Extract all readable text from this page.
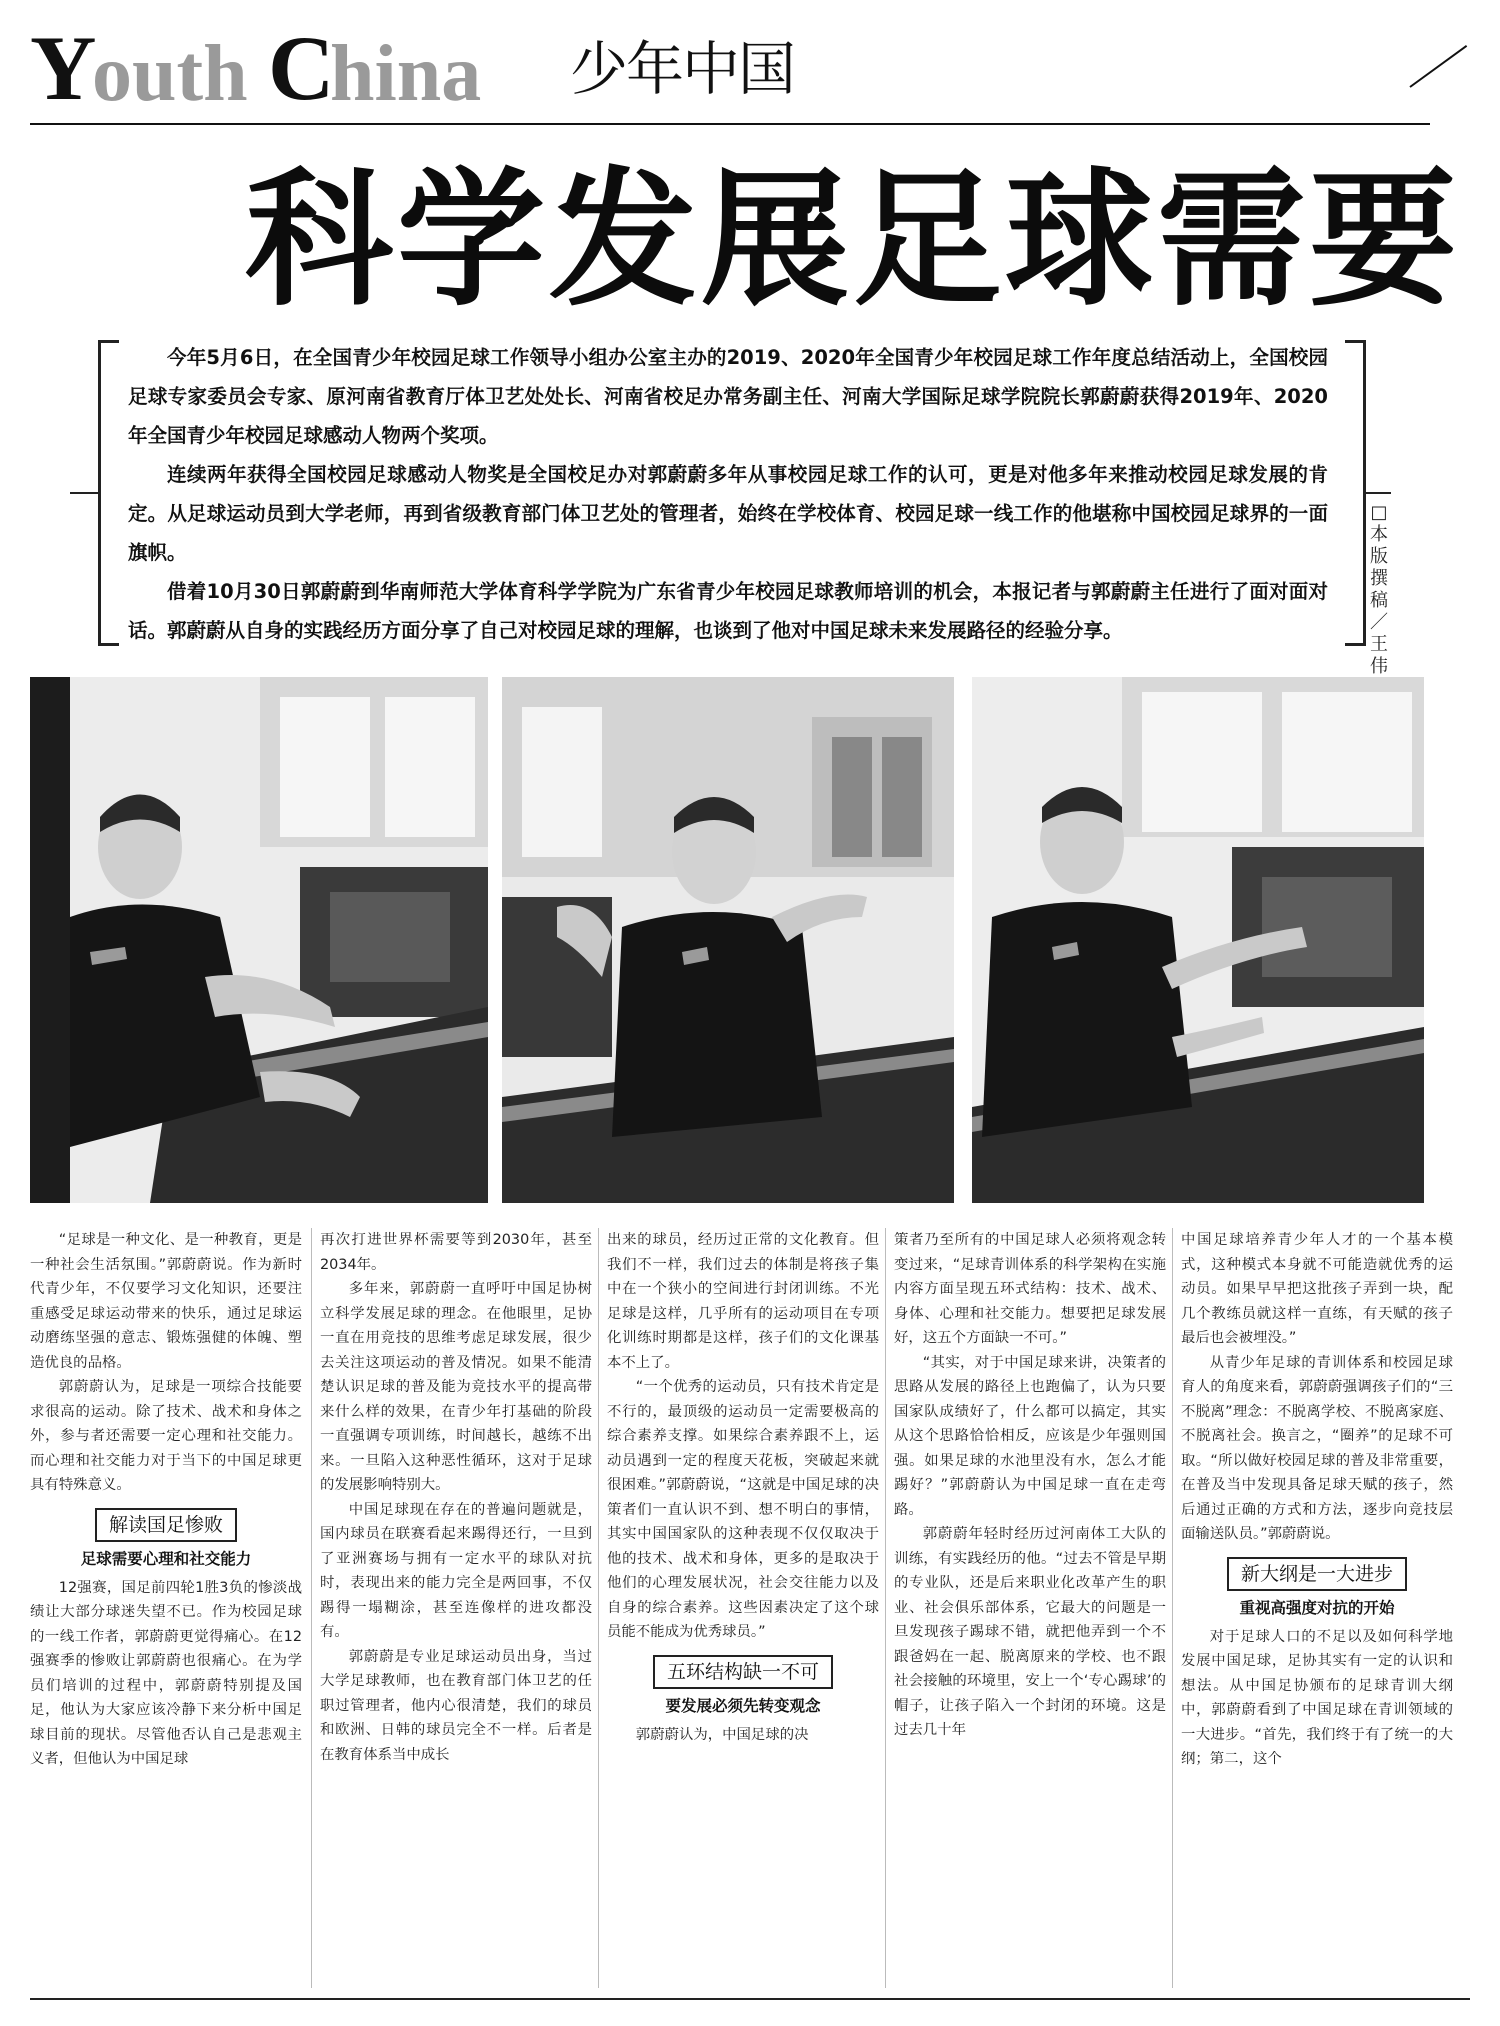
Y
outh C
hina 少年中国
科学发展足球需要

今年5月6日，在全国青少年校园足球工作领导小组办公室主办的2019、2020年全国青少年校园足球工作年度总结活动上，全国校园足球专家委员会专家、原河南省教育厅体卫艺处处长、河南省校足办常务副主任、河南大学国际足球学院院长郭蔚蔚获得2019年、2020年全国青少年校园足球感动人物两个奖项。

连续两年获得全国校园足球感动人物奖是全国校足办对郭蔚蔚多年从事校园足球工作的认可，更是对他多年来推动校园足球发展的肯定。从足球运动员到大学老师，再到省级教育部门体卫艺处的管理者，始终在学校体育、校园足球一线工作的他堪称中国校园足球界的一面旗帜。

借着10月30日郭蔚蔚到华南师范大学体育科学学院为广东省青少年校园足球教师培训的机会，本报记者与郭蔚蔚主任进行了面对面对话。郭蔚蔚从自身的实践经历方面分享了自己对校园足球的理解，也谈到了他对中国足球未来发展路径的经验分享。

□本版撰稿／王伟

“足球是一种文化、是一种教育，更是一种社会生活氛围。”郭蔚蔚说。作为新时代青少年，不仅要学习文化知识，还要注重感受足球运动带来的快乐，通过足球运动磨练坚强的意志、锻炼强健的体魄、塑造优良的品格。

郭蔚蔚认为，足球是一项综合技能要求很高的运动。除了技术、战术和身体之外，参与者还需要一定心理和社交能力。而心理和社交能力对于当下的中国足球更具有特殊意义。

解读国足惨败
足球需要心理和社交能力

12强赛，国足前四轮1胜3负的惨淡战绩让大部分球迷失望不已。作为校园足球的一线工作者，郭蔚蔚更觉得痛心。在12强赛季的惨败让郭蔚蔚也很痛心。在为学员们培训的过程中，郭蔚蔚特别提及国足，他认为大家应该冷静下来分析中国足球目前的现状。尽管他否认自己是悲观主义者，但他认为中国足球

再次打进世界杯需要等到2030年，甚至2034年。

多年来，郭蔚蔚一直呼吁中国足协树立科学发展足球的理念。在他眼里，足协一直在用竞技的思维考虑足球发展，很少去关注这项运动的普及情况。如果不能清楚认识足球的普及能为竞技水平的提高带来什么样的效果，在青少年打基础的阶段一直强调专项训练，时间越长，越练不出来。一旦陷入这种恶性循环，这对于足球的发展影响特别大。

中国足球现在存在的普遍问题就是，国内球员在联赛看起来踢得还行，一旦到了亚洲赛场与拥有一定水平的球队对抗时，表现出来的能力完全是两回事，不仅踢得一塌糊涂，甚至连像样的进攻都没有。

郭蔚蔚是专业足球运动员出身，当过大学足球教师，也在教育部门体卫艺的任职过管理者，他内心很清楚，我们的球员和欧洲、日韩的球员完全不一样。后者是在教育体系当中成长

出来的球员，经历过正常的文化教育。但我们不一样，我们过去的体制是将孩子集中在一个狭小的空间进行封闭训练。不光足球是这样，几乎所有的运动项目在专项化训练时期都是这样，孩子们的文化课基本不上了。

“一个优秀的运动员，只有技术肯定是不行的，最顶级的运动员一定需要极高的综合素养支撑。如果综合素养跟不上，运动员遇到一定的程度天花板，突破起来就很困难。”郭蔚蔚说，“这就是中国足球的决策者们一直认识不到、想不明白的事情，其实中国国家队的这种表现不仅仅取决于他的技术、战术和身体，更多的是取决于他们的心理发展状况，社会交往能力以及自身的综合素养。这些因素决定了这个球员能不能成为优秀球员。”

五环结构缺一不可
要发展必须先转变观念

郭蔚蔚认为，中国足球的决

策者乃至所有的中国足球人必须将观念转变过来，“足球青训体系的科学架构在实施内容方面呈现五环式结构：技术、战术、身体、心理和社交能力。想要把足球发展好，这五个方面缺一不可。”

“其实，对于中国足球来讲，决策者的思路从发展的路径上也跑偏了，认为只要国家队成绩好了，什么都可以搞定，其实从这个思路恰恰相反，应该是少年强则国强。如果足球的水池里没有水，怎么才能踢好？”郭蔚蔚认为中国足球一直在走弯路。

郭蔚蔚年轻时经历过河南体工大队的训练，有实践经历的他。“过去不管是早期的专业队，还是后来职业化改革产生的职业、社会俱乐部体系，它最大的问题是一旦发现孩子踢球不错，就把他弄到一个不跟爸妈在一起、脱离原来的学校、也不跟社会接触的环境里，安上一个‘专心踢球’的帽子，让孩子陷入一个封闭的环境。这是过去几十年

中国足球培养青少年人才的一个基本模式，这种模式本身就不可能造就优秀的运动员。如果早早把这批孩子弄到一块，配几个教练员就这样一直练，有天赋的孩子最后也会被埋没。”

从青少年足球的青训体系和校园足球育人的角度来看，郭蔚蔚强调孩子们的“三不脱离”理念：不脱离学校、不脱离家庭、不脱离社会。换言之，“圈养”的足球不可取。“所以做好校园足球的普及非常重要，在普及当中发现具备足球天赋的孩子，然后通过正确的方式和方法，逐步向竞技层面输送队员。”郭蔚蔚说。

新大纲是一大进步
重视高强度对抗的开始

对于足球人口的不足以及如何科学地发展中国足球，足协其实有一定的认识和想法。从中国足协颁布的足球青训大纲中，郭蔚蔚看到了中国足球在青训领域的一大进步。“首先，我们终于有了统一的大纲；第二，这个
